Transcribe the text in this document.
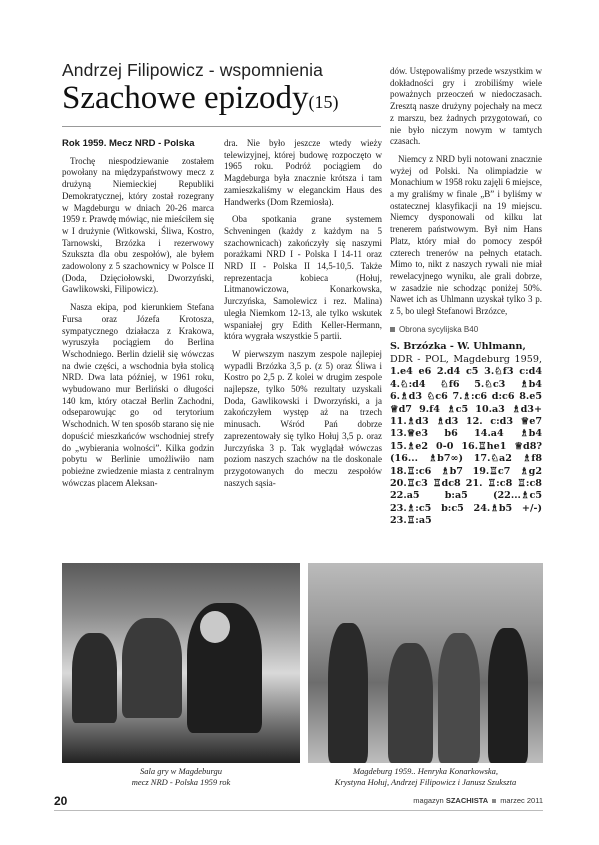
Andrzej Filipowicz - wspomnienia
Szachowe epizody(15)

Rok 1959. Mecz NRD - Polska

Trochę niespodziewanie zostałem powołany na międzypaństwowy mecz z drużyną Niemieckiej Republiki Demokratycznej, który został rozegrany w Magdeburgu w dniach 20-26 marca 1959 r. Prawdę mówiąc, nie mieściłem się w I drużynie (Witkowski, Śliwa, Kostro, Tarnowski, Brzózka i rezerwowy Szukszta dla obu zespołów), ale byłem zadowolony z 5 szachownicy w Polsce II (Doda, Dzięciołowski, Dworzyński, Gawlikowski, Filipowicz).

Nasza ekipa, pod kierunkiem Stefana Fursa oraz Józefa Krotosza, sympatycznego działacza z Krakowa, wyruszyła pociągiem do Berlina Wschodniego. Berlin dzielił się wówczas na dwie części, a wschodnia była stolicą NRD. Dwa lata później, w 1961 roku, wybudowano mur Berliński o długości 140 km, który otaczał Berlin Zachodni, odseparowując go od terytorium Wschodnich. W ten sposób starano się nie dopuścić mieszkańców wschodniej strefy do „wybierania wolności”. Kilka godzin pobytu w Berlinie umożliwiło nam pobieżne zwiedzenie miasta z centralnym wówczas placem Aleksan-

dra. Nie było jeszcze wtedy wieży telewizyjnej, której budowę rozpoczęto w 1965 roku. Podróż pociągiem do Magdeburga była znacznie krótsza i tam zamieszkaliśmy w eleganckim Haus des Handwerks (Dom Rzemiosła).

Oba spotkania grane systemem Schveningen (każdy z każdym na 5 szachownicach) zakończyły się naszymi porażkami NRD I - Polska I 14-11 oraz NRD II - Polska II 14,5-10,5. Także reprezentacja kobieca (Hołuj, Litmanowiczowa, Konarkowska, Jurczyńska, Samolewicz i rez. Malina) uległa Niemkom 12-13, ale tylko wskutek wspaniałej gry Edith Keller-Hermann, która wygrała wszystkie 5 partii.

W pierwszym naszym zespole najlepiej wypadli Brzózka 3,5 p. (z 5) oraz Śliwa i Kostro po 2,5 p. Z kolei w drugim zespole najlepsze, tylko 50% rezultaty uzyskali Doda, Gawlikowski i Dworzyński, a ja zakończyłem występ aż na trzech minusach. Wśród Pań dobrze zaprezentowały się tylko Hołuj 3,5 p. oraz Jurczyńska 3 p. Tak wyglądał wówczas poziom naszych szachów na tle doskonale przygotowanych do meczu zespołów naszych sąsia-

dów. Ustępowaliśmy przede wszystkim w dokładności gry i zrobiliśmy wiele poważnych przeoczeń w niedoczasach. Zresztą nasze drużyny pojechały na mecz z marszu, bez żadnych przygotowań, co nie było niczym nowym w tamtych czasach.

Niemcy z NRD byli notowani znacznie wyżej od Polski. Na olimpiadzie w Monachium w 1958 roku zajęli 6 miejsce, a my graliśmy w finale „B” i byliśmy w ostatecznej klasyfikacji na 19 miejscu. Niemcy dysponowali od kilku lat trenerem państwowym. Był nim Hans Platz, który miał do pomocy zespół czterech trenerów na pełnych etatach. Mimo to, nikt z naszych rywali nie miał rewelacyjnego wyniku, ale grali dobrze, w zasadzie nie schodząc poniżej 50%. Nawet ich as Uhlmann uzyskał tylko 3 p. z 5, bo uległ Stefanowi Brzózce,

Obrona sycylijska B40

S. Brzózka - W. Uhlmann,
DDR - POL, Magdeburg 1959, 1.e4 e6 2.d4 c5 3.♘f3 c:d4 4.♘:d4 ♘f6 5.♘c3 ♗b4 6.♗d3 ♘c6 7.♗:c6 d:c6 8.e5 ♕d7 9.f4 ♗c5 10.a3 ♗d3+ 11.♗d3 ♗d3 12. c:d3 ♕e7 13.♕e3 b6 14.a4 ♗b4 15.♗e2 0-0 16.♖he1 ♕d8? (16... ♗b7∞) 17.♘a2 ♗f8 18.♖:c6 ♗b7 19.♖c7 ♗g2 20.♖c3 ♖dc8 21. ♖:c8 ♖:c8 22.a5 b:a5 (22...♗c5 23.♗:c5 b:c5 24.♗b5 +/-) 23.♖:a5
Sala gry w Magdeburgu
mecz NRD - Polska 1959 rok
Magdeburg 1959.. Henryka Konarkowska,
Krystyna Hołuj, Andrzej Filipowicz i Janusz Szukszta
20	magazyn SZACHISTA marzec 2011
